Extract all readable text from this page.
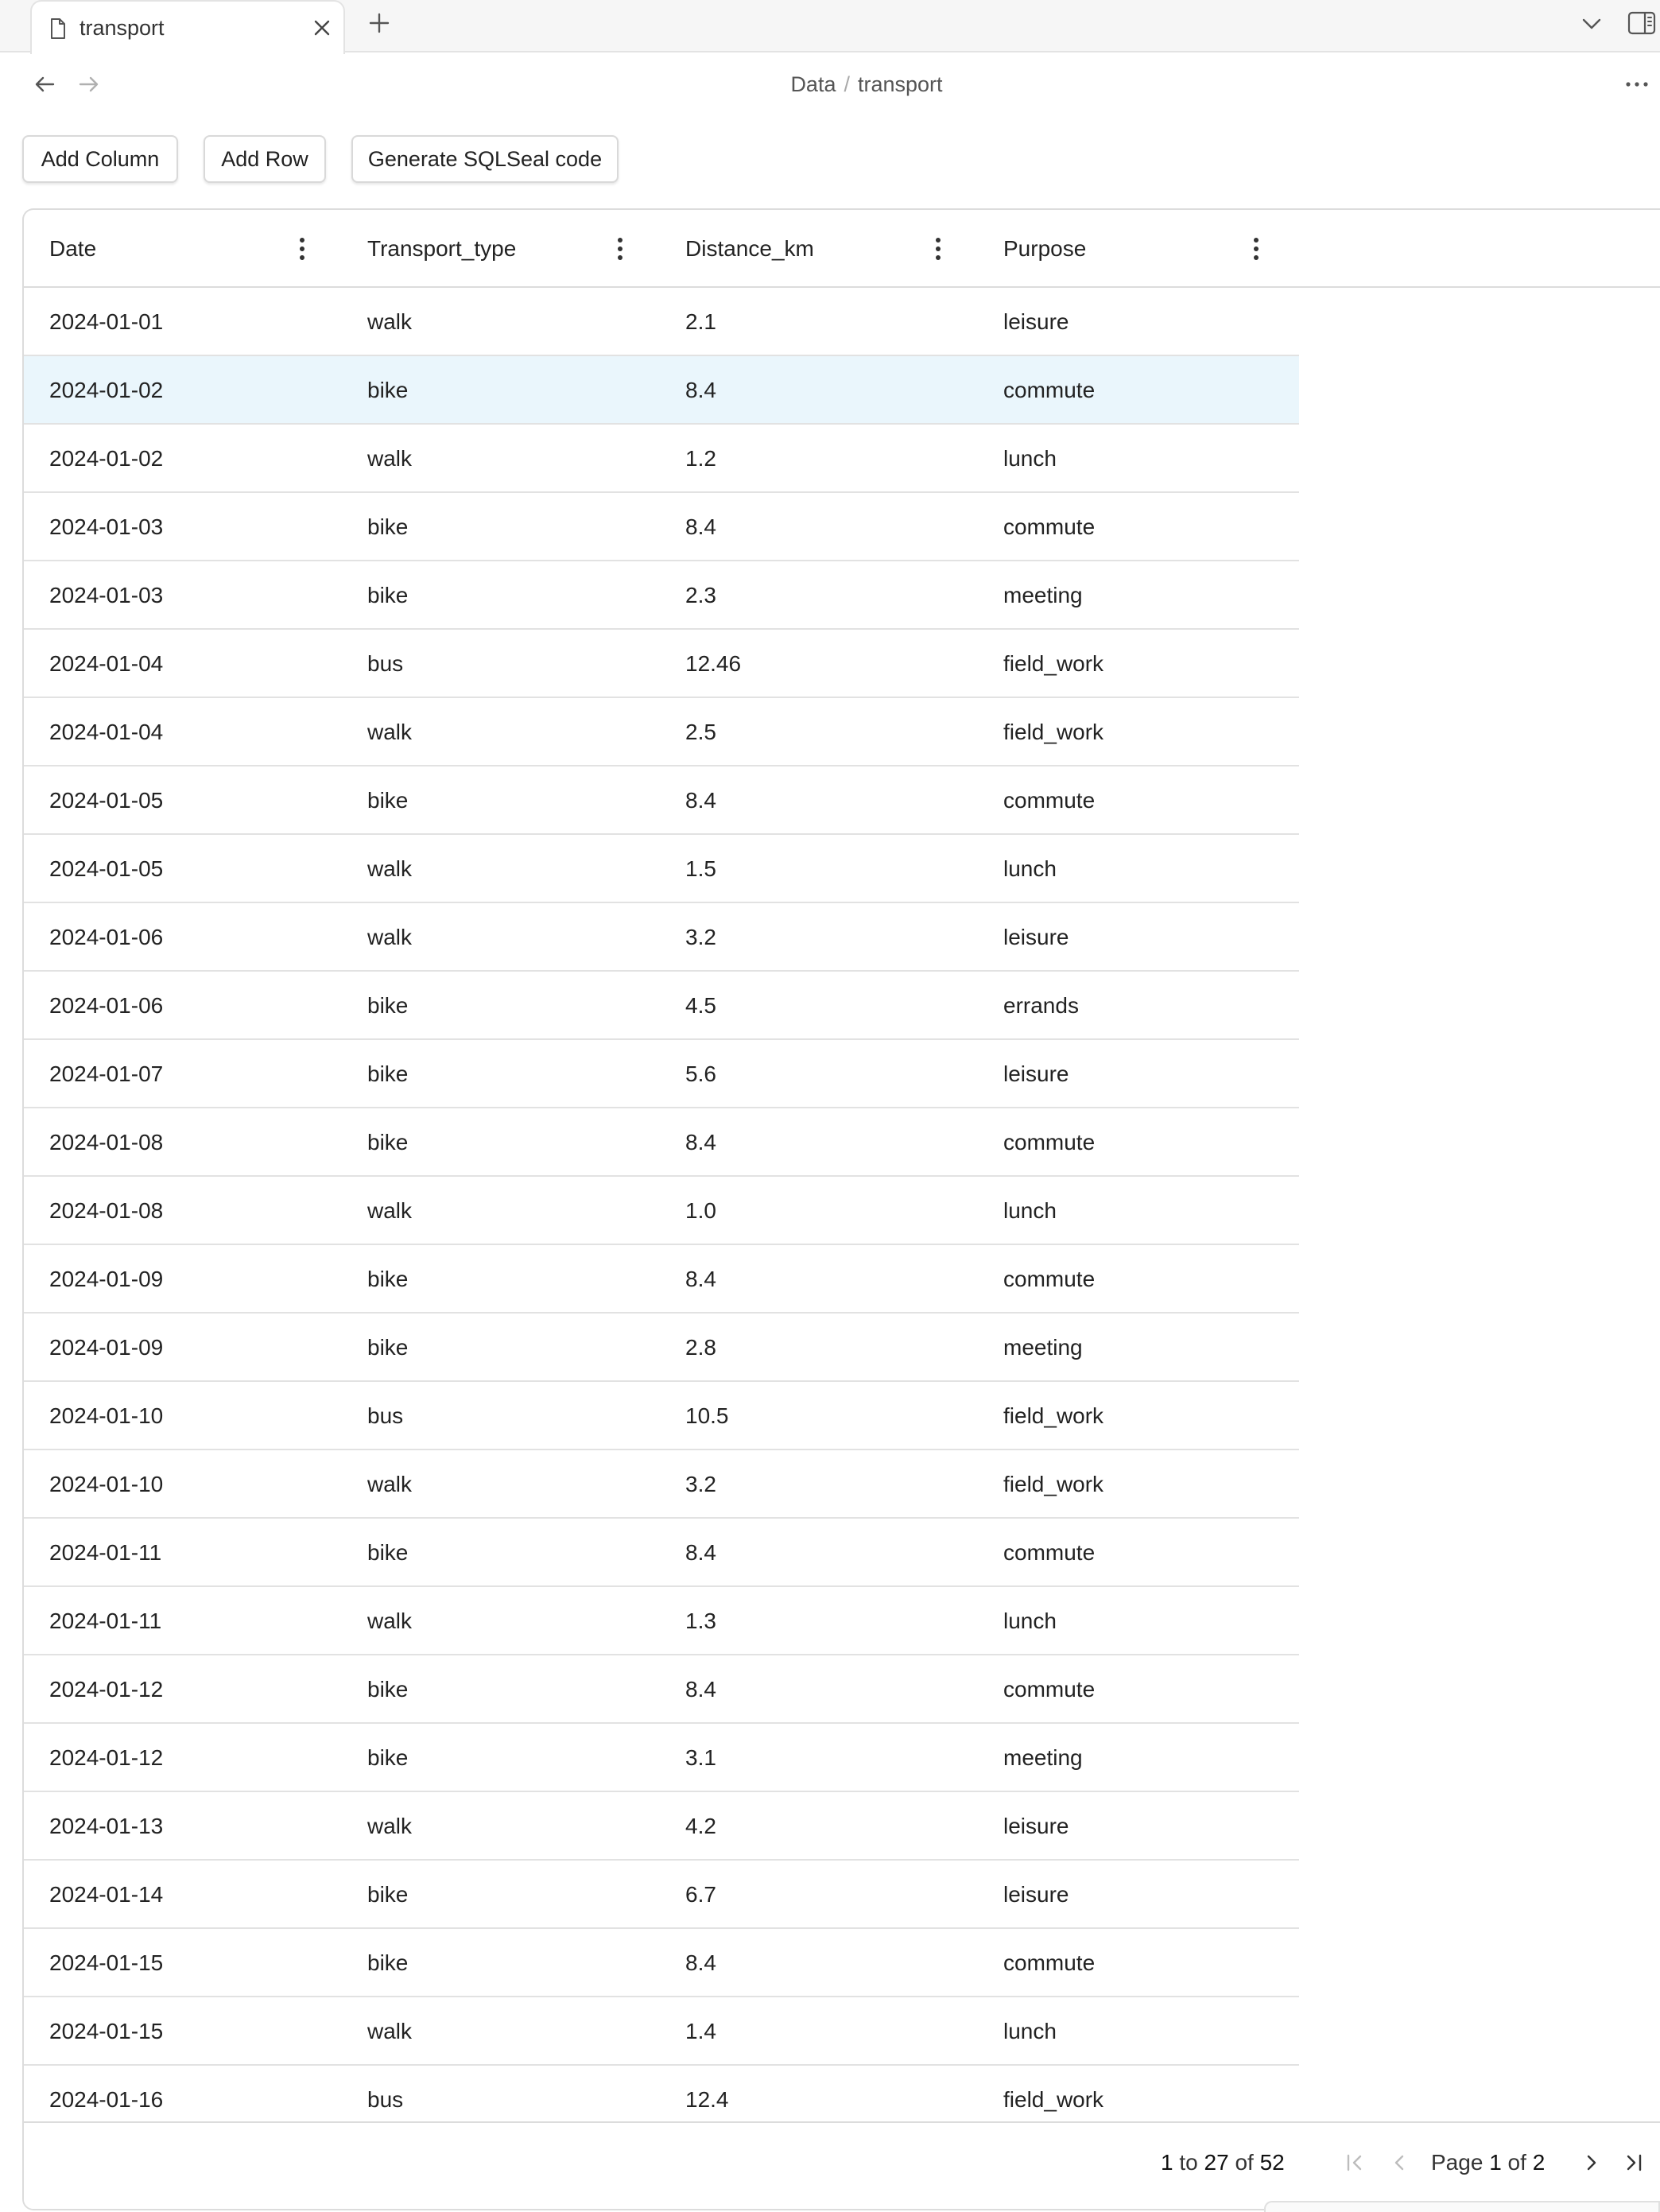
transport
Data / transport
Add Column	Add Row	Generate SQLSeal code
Date	Transport_type	Distance_km	Purpose
2024-01-01	walk	2.1	leisure
2024-01-02	bike	8.4	commute
2024-01-02	walk	1.2	lunch
2024-01-03	bike	8.4	commute
2024-01-03	bike	2.3	meeting
2024-01-04	bus	12.46	field_work
2024-01-04	walk	2.5	field_work
2024-01-05	bike	8.4	commute
2024-01-05	walk	1.5	lunch
2024-01-06	walk	3.2	leisure
2024-01-06	bike	4.5	errands
2024-01-07	bike	5.6	leisure
2024-01-08	bike	8.4	commute
2024-01-08	walk	1.0	lunch
2024-01-09	bike	8.4	commute
2024-01-09	bike	2.8	meeting
2024-01-10	bus	10.5	field_work
2024-01-10	walk	3.2	field_work
2024-01-11	bike	8.4	commute
2024-01-11	walk	1.3	lunch
2024-01-12	bike	8.4	commute
2024-01-12	bike	3.1	meeting
2024-01-13	walk	4.2	leisure
2024-01-14	bike	6.7	leisure
2024-01-15	bike	8.4	commute
2024-01-15	walk	1.4	lunch
2024-01-16	bus	12.4	field_work
1 to 27 of 52	Page 1 of 2
